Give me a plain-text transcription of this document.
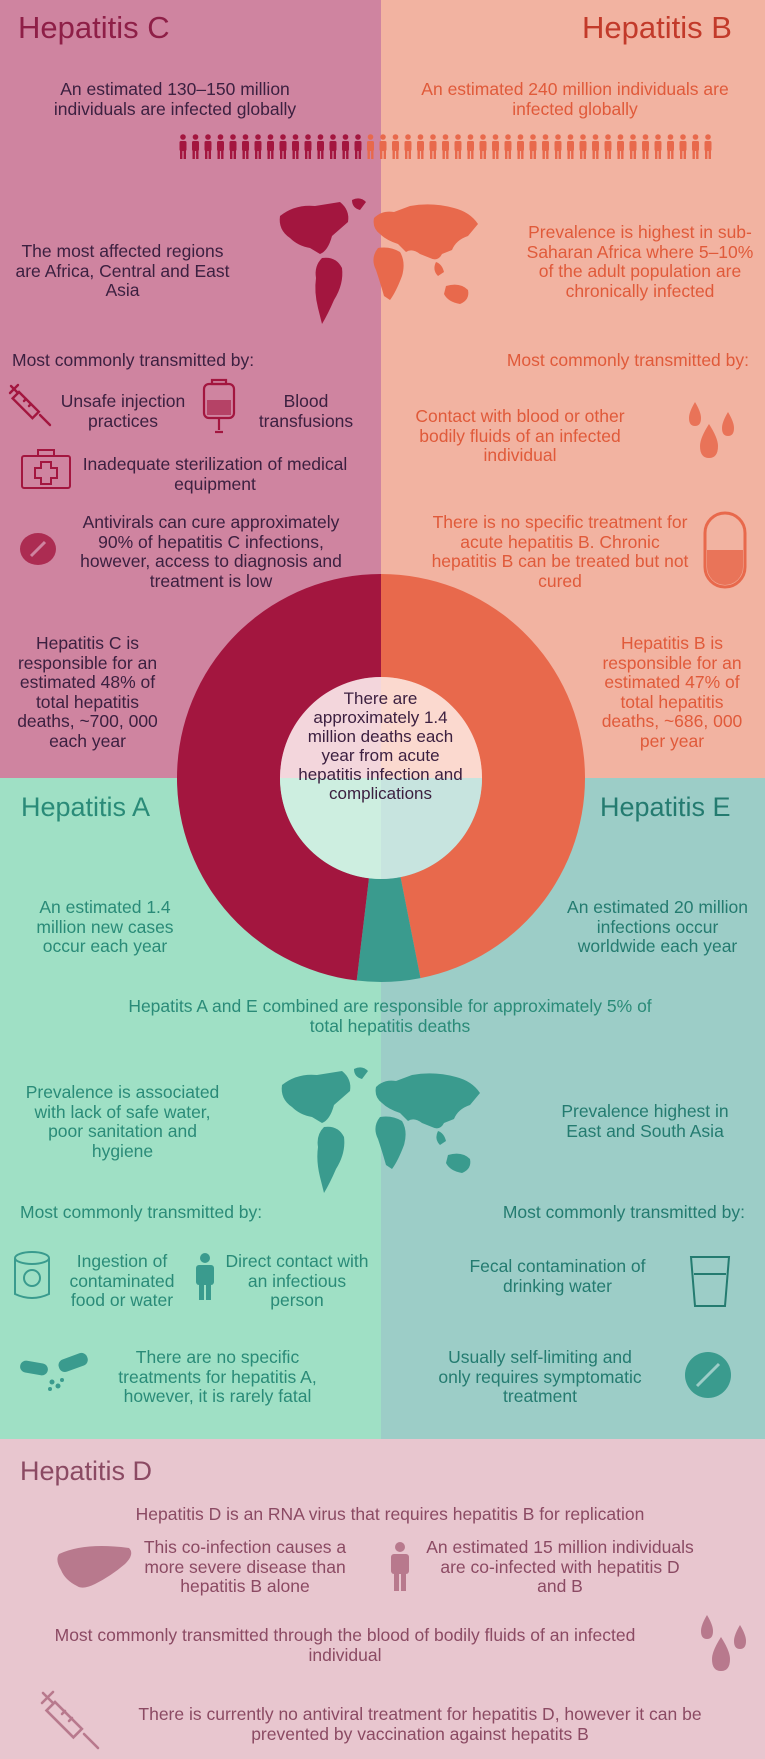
Hepatitis C
An estimated 130–150 million individuals are infected globally
Hepatitis B
An estimated 240 million individuals are infected globally
The most affected regions are Africa, Central and East Asia
Prevalence is highest in sub-Saharan Africa where 5–10% of the adult population are chronically infected
Most commonly transmitted by:	Most commonly transmitted by:
Unsafe injection practices
Blood transfusions
Inadequate sterilization of medical equipment
Antivirals can cure approximately 90% of hepatitis C infections, however, access to diagnosis and treatment is low
Contact with blood or other bodily fluids of an infected individual
There is no specific treatment for acute hepatitis B. Chronic hepatitis B can be treated but not cured
Hepatitis C is responsible for an estimated 48% of total hepatitis deaths, ~700, 000 each year
Hepatitis B is responsible for an estimated 47% of total hepatitis deaths, ~686, 000 per year
There are approximately 1.4 million deaths each year from acute hepatitis infection and complications
Hepatitis A	Hepatitis E
An estimated 1.4 million new cases occur each year
An estimated 20 million infections occur worldwide each year
Hepatits A and E combined are responsible for approximately 5% of total hepatitis deaths
Prevalence is associated with lack of safe water, poor sanitation and hygiene
Prevalence highest in East and South Asia
Most commonly transmitted by:	Most commonly transmitted by:
Ingestion of contaminated food or water
Direct contact with an infectious person
Fecal contamination of drinking water
There are no specific treatments for hepatitis A, however, it is rarely fatal
Usually self-limiting and only requires symptomatic treatment
Hepatitis D
Hepatitis D is an RNA virus that requires hepatitis B for replication
This co-infection causes a more severe disease than hepatitis B alone
An estimated 15 million individuals are co-infected with hepatitis D and B
Most commonly transmitted through the blood of bodily fluids of an infected individual
There is currently no antiviral treatment for hepatitis D, however it can be prevented by vaccination against hepatits B
